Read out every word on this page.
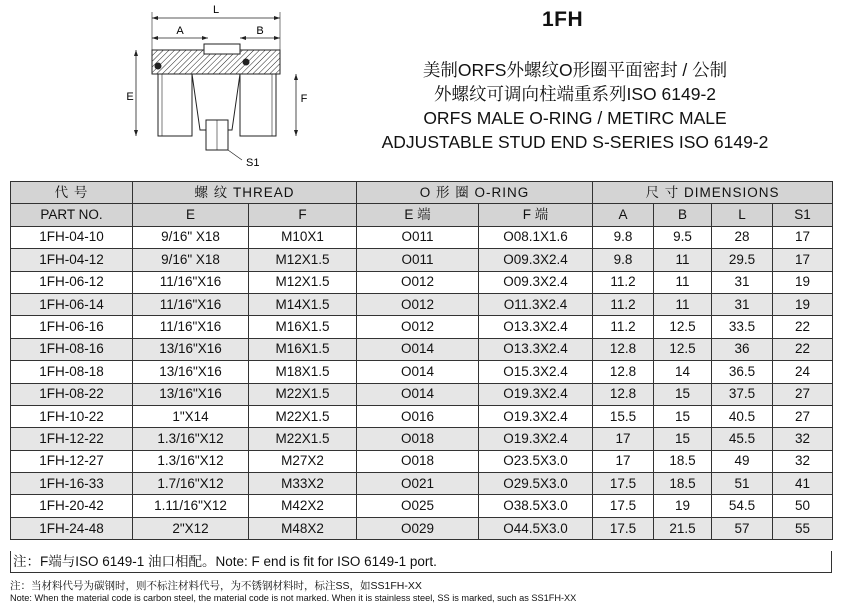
L
A	B
E	F
S1
1FH
美制ORFS外螺纹O形圈平面密封 / 公制
外螺纹可调向柱端重系列ISO 6149-2
ORFS MALE O-RING / METIRC MALE
ADJUSTABLE STUD END S-SERIES ISO 6149-2
代 号	螺 纹 THREAD		O 形 圈 O-RING		尺 寸 DIMENSIONS			
PART NO.	E	F	E 端	F 端	A	B	L	S1
1FH-04-10	9/16" X18	M10X1	O011	O08.1X1.6	9.8	9.5	28	17
1FH-04-12	9/16" X18	M12X1.5	O011	O09.3X2.4	9.8	11	29.5	17
1FH-06-12	11/16"X16	M12X1.5	O012	O09.3X2.4	11.2	11	31	19
1FH-06-14	11/16"X16	M14X1.5	O012	O11.3X2.4	11.2	11	31	19
1FH-06-16	11/16"X16	M16X1.5	O012	O13.3X2.4	11.2	12.5	33.5	22
1FH-08-16	13/16"X16	M16X1.5	O014	O13.3X2.4	12.8	12.5	36	22
1FH-08-18	13/16"X16	M18X1.5	O014	O15.3X2.4	12.8	14	36.5	24
1FH-08-22	13/16"X16	M22X1.5	O014	O19.3X2.4	12.8	15	37.5	27
1FH-10-22	1"X14	M22X1.5	O016	O19.3X2.4	15.5	15	40.5	27
1FH-12-22	1.3/16"X12	M22X1.5	O018	O19.3X2.4	17	15	45.5	32
1FH-12-27	1.3/16"X12	M27X2	O018	O23.5X3.0	17	18.5	49	32
1FH-16-33	1.7/16"X12	M33X2	O021	O29.5X3.0	17.5	18.5	51	41
1FH-20-42	1.11/16"X12	M42X2	O025	O38.5X3.0	17.5	19	54.5	50
1FH-24-48	2"X12	M48X2	O029	O44.5X3.0	17.5	21.5	57	55
注：F端与ISO 6149-1 油口相配。Note: F end is fit for ISO 6149-1 port.
注：当材料代号为碳钢时，则不标注材料代号，为不锈钢材料时，标注SS，如SS1FH-XX
Note: When the material code is carbon steel, the material code is not marked. When it is stainless steel, SS is marked, such as SS1FH-XX
